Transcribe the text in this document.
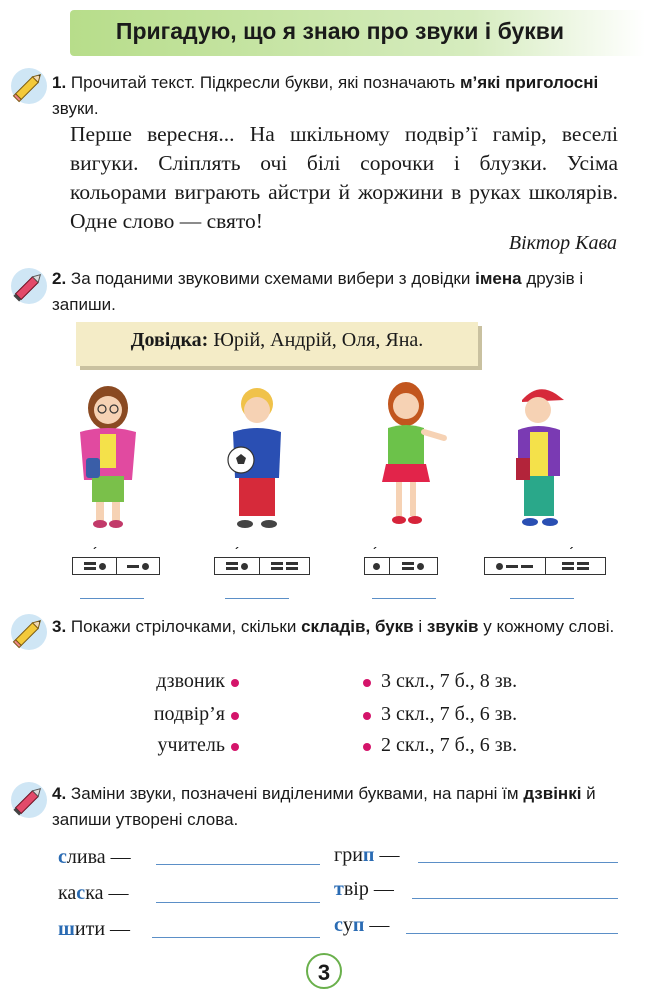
Пригадую, що я знаю про звуки і букви
1. Прочитай текст. Підкресли букви, які позначають м’які приголосні звуки.
Перше вересня... На шкільному подвір’ї гамір, веселі вигуки. Сліплять очі білі сорочки і блузки. Усіма кольорами виграють айстри й жоржини в руках школярів. Одне слово — свято!
Віктор Кава
2. За поданими звуковими схемами вибери з довідки імена друзів і запиши.
Довідка: Юрій, Андрій, Оля, Яна.
´	´	´	´
3. Покажи стрілочками, скільки складів, букв і звуків у кожному слові.
дзвоник
подвір’я
учитель
3 скл., 7 б., 8 зв.
3 скл., 7 б., 6 зв.
2 скл., 7 б., 6 зв.
4. Заміни звуки, позначені виділеними буквами, на парні їм дзвінкі й запиши утворені слова.
слива —
каска —
шити —
грип —
твір —
суп —
3
